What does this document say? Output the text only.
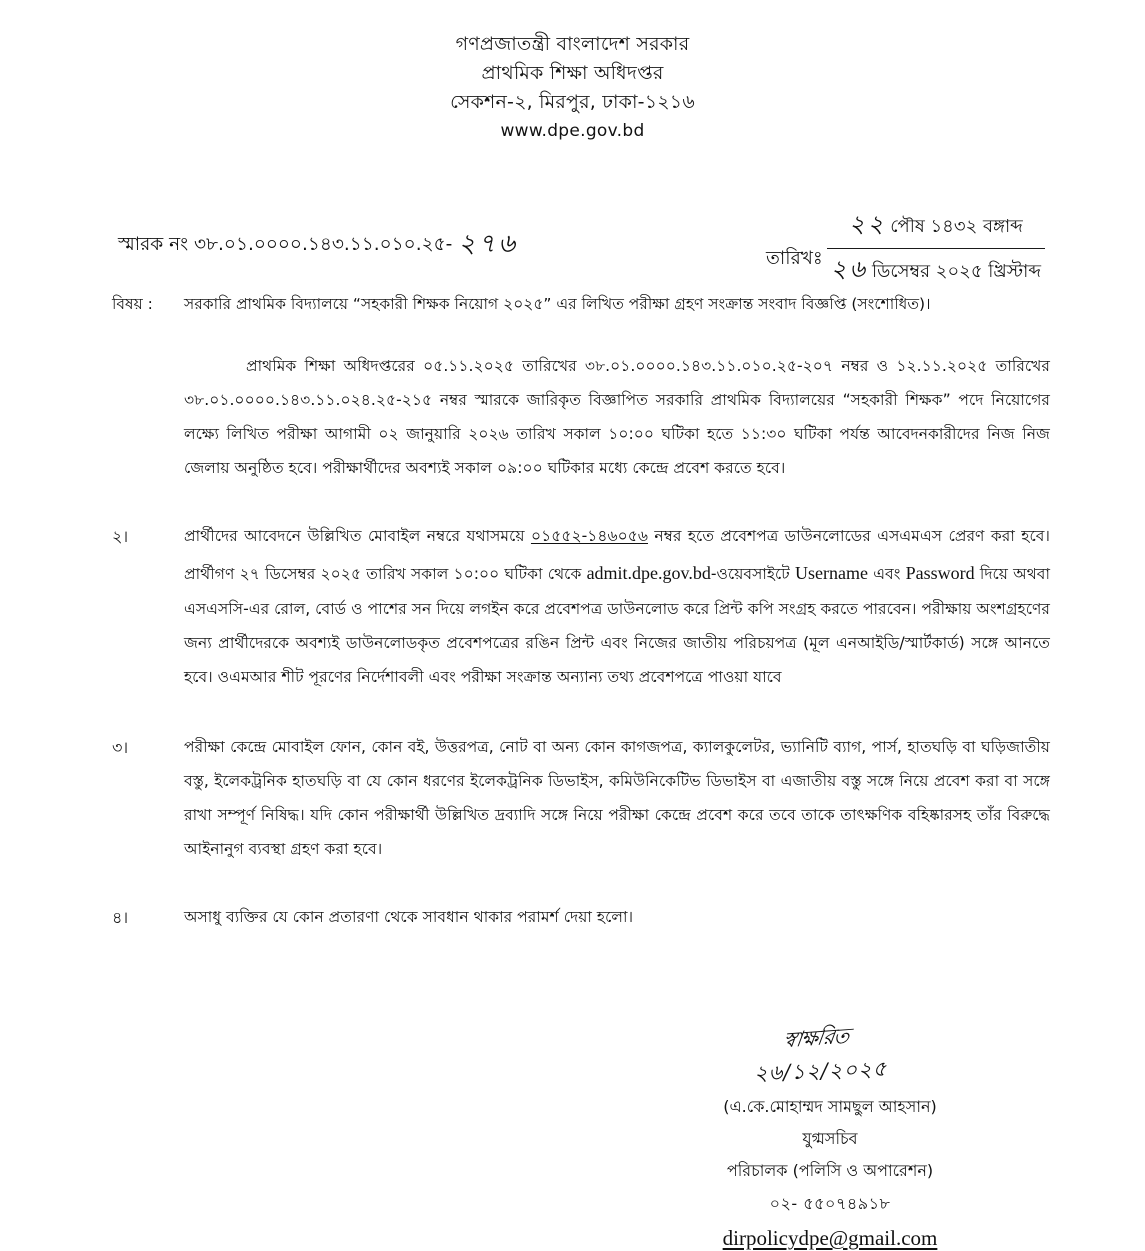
গণপ্রজাতন্ত্রী বাংলাদেশ সরকার
প্রাথমিক শিক্ষা অধিদপ্তর
সেকশন-২, মিরপুর, ঢাকা-১২১৬
www.dpe.gov.bd
স্মারক নং ৩৮.০১.০০০০.১৪৩.১১.০১০.২৫- ২৭৬	তারিখঃ
২২ পৌষ ১৪৩২ বঙ্গাব্দ
২৬ ডিসেম্বর ২০২৫ খ্রিস্টাব্দ
বিষয় :	সরকারি প্রাথমিক বিদ্যালয়ে “সহকারী শিক্ষক নিয়োগ ২০২৫” এর লিখিত পরীক্ষা গ্রহণ সংক্রান্ত সংবাদ বিজ্ঞপ্তি (সংশোধিত)।
প্রাথমিক শিক্ষা অধিদপ্তরের ০৫.১১.২০২৫ তারিখের ৩৮.০১.০০০০.১৪৩.১১.০১০.২৫-২০৭ নম্বর ও ১২.১১.২০২৫ তারিখের ৩৮.০১.০০০০.১৪৩.১১.০২৪.২৫-২১৫ নম্বর স্মারকে জারিকৃত বিজ্ঞাপিত সরকারি প্রাথমিক বিদ্যালয়ের “সহকারী শিক্ষক” পদে নিয়োগের লক্ষ্যে লিখিত পরীক্ষা আগামী ০২ জানুয়ারি ২০২৬ তারিখ সকাল ১০:০০ ঘটিকা হতে ১১:৩০ ঘটিকা পর্যন্ত আবেদনকারীদের নিজ নিজ জেলায় অনুষ্ঠিত হবে। পরীক্ষার্থীদের অবশ্যই সকাল ০৯:০০ ঘটিকার মধ্যে কেন্দ্রে প্রবেশ করতে হবে।
২।	প্রার্থীদের আবেদনে উল্লিখিত মোবাইল নম্বরে যথাসময়ে ০১৫৫২-১৪৬০৫৬ নম্বর হতে প্রবেশপত্র ডাউনলোডের এসএমএস প্রেরণ করা হবে। প্রার্থীগণ ২৭ ডিসেম্বর ২০২৫ তারিখ সকাল ১০:০০ ঘটিকা থেকে admit.dpe.gov.bd-ওয়েবসাইটে Username এবং Password দিয়ে অথবা এসএসসি-এর রোল, বোর্ড ও পাশের সন দিয়ে লগইন করে প্রবেশপত্র ডাউনলোড করে প্রিন্ট কপি সংগ্রহ করতে পারবেন। পরীক্ষায় অংশগ্রহণের জন্য প্রার্থীদেরকে অবশ্যই ডাউনলোডকৃত প্রবেশপত্রের রঙিন প্রিন্ট এবং নিজের জাতীয় পরিচয়পত্র (মূল এনআইডি/স্মার্টকার্ড) সঙ্গে আনতে হবে। ওএমআর শীট পূরণের নির্দেশাবলী এবং পরীক্ষা সংক্রান্ত অন্যান্য তথ্য প্রবেশপত্রে পাওয়া যাবে
৩।	পরীক্ষা কেন্দ্রে মোবাইল ফোন, কোন বই, উত্তরপত্র, নোট বা অন্য কোন কাগজপত্র, ক্যালকুলেটর, ভ্যানিটি ব্যাগ, পার্স, হাতঘড়ি বা ঘড়িজাতীয় বস্তু, ইলেকট্রনিক হাতঘড়ি বা যে কোন ধরণের ইলেকট্রনিক ডিভাইস, কমিউনিকেটিভ ডিভাইস বা এজাতীয় বস্তু সঙ্গে নিয়ে প্রবেশ করা বা সঙ্গে রাখা সম্পূর্ণ নিষিদ্ধ। যদি কোন পরীক্ষার্থী উল্লিখিত দ্রব্যাদি সঙ্গে নিয়ে পরীক্ষা কেন্দ্রে প্রবেশ করে তবে তাকে তাৎক্ষণিক বহিষ্কারসহ তাঁর বিরুদ্ধে আইনানুগ ব্যবস্থা গ্রহণ করা হবে।
৪।	অসাধু ব্যক্তির যে কোন প্রতারণা থেকে সাবধান থাকার পরামর্শ দেয়া হলো।
স্বাক্ষরিত
২৬/১২/২০২৫
(এ.কে.মোহাম্মদ সামছুল আহসান)
যুগ্মসচিব
পরিচালক (পলিসি ও অপারেশন)
০২- ৫৫০৭৪৯১৮
dirpolicydpe@gmail.com
